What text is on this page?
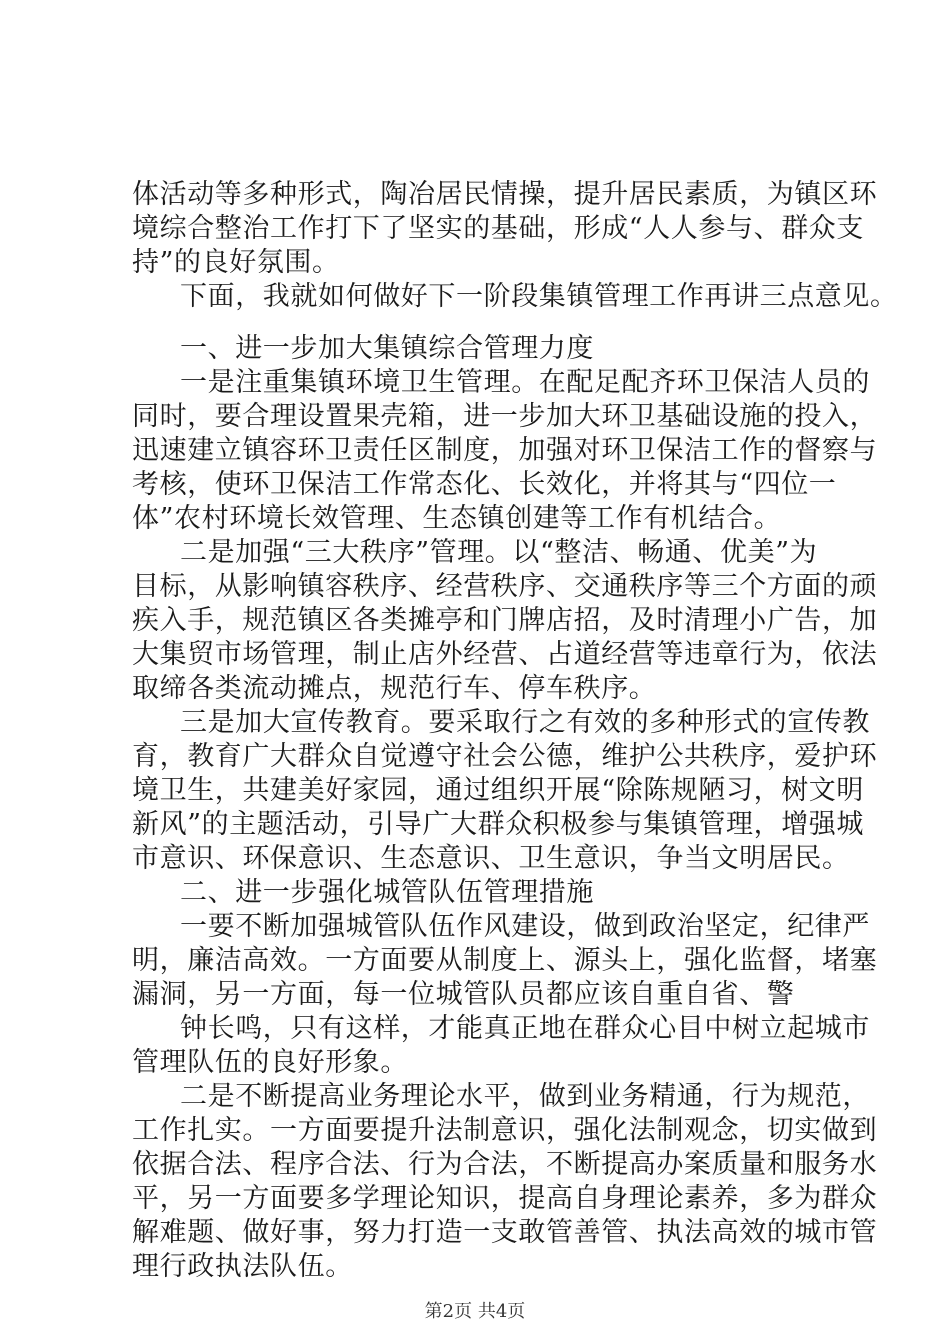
体活动等多种形式，陶冶居民情操，提升居民素质，为镇区环
境综合整治工作打下了坚实的基础，形成“人人参与、群众支
持”的良好氛围。
下面，我就如何做好下一阶段集镇管理工作再讲三点意见。
一、进一步加大集镇综合管理力度
一是注重集镇环境卫生管理。在配足配齐环卫保洁人员的
同时，要合理设置果壳箱，进一步加大环卫基础设施的投入，
迅速建立镇容环卫责任区制度，加强对环卫保洁工作的督察与
考核，使环卫保洁工作常态化、长效化，并将其与“四位一
体”农村环境长效管理、生态镇创建等工作有机结合。
二是加强“三大秩序”管理。以“整洁、畅通、优美”为
目标，从影响镇容秩序、经营秩序、交通秩序等三个方面的顽
疾入手，规范镇区各类摊亭和门牌店招，及时清理小广告，加
大集贸市场管理，制止店外经营、占道经营等违章行为，依法
取缔各类流动摊点，规范行车、停车秩序。
三是加大宣传教育。要采取行之有效的多种形式的宣传教
育，教育广大群众自觉遵守社会公德，维护公共秩序，爱护环
境卫生，共建美好家园，通过组织开展“除陈规陋习，树文明
新风”的主题活动，引导广大群众积极参与集镇管理，增强城
市意识、环保意识、生态意识、卫生意识，争当文明居民。
二、进一步强化城管队伍管理措施
一要不断加强城管队伍作风建设，做到政治坚定，纪律严
明，廉洁高效。一方面要从制度上、源头上，强化监督，堵塞
漏洞，另一方面，每一位城管队员都应该自重自省、警
钟长鸣，只有这样，才能真正地在群众心目中树立起城市
管理队伍的良好形象。
二是不断提高业务理论水平，做到业务精通，行为规范，
工作扎实。一方面要提升法制意识，强化法制观念，切实做到
依据合法、程序合法、行为合法，不断提高办案质量和服务水
平，另一方面要多学理论知识，提高自身理论素养，多为群众
解难题、做好事，努力打造一支敢管善管、执法高效的城市管
理行政执法队伍。
第2页 共4页
